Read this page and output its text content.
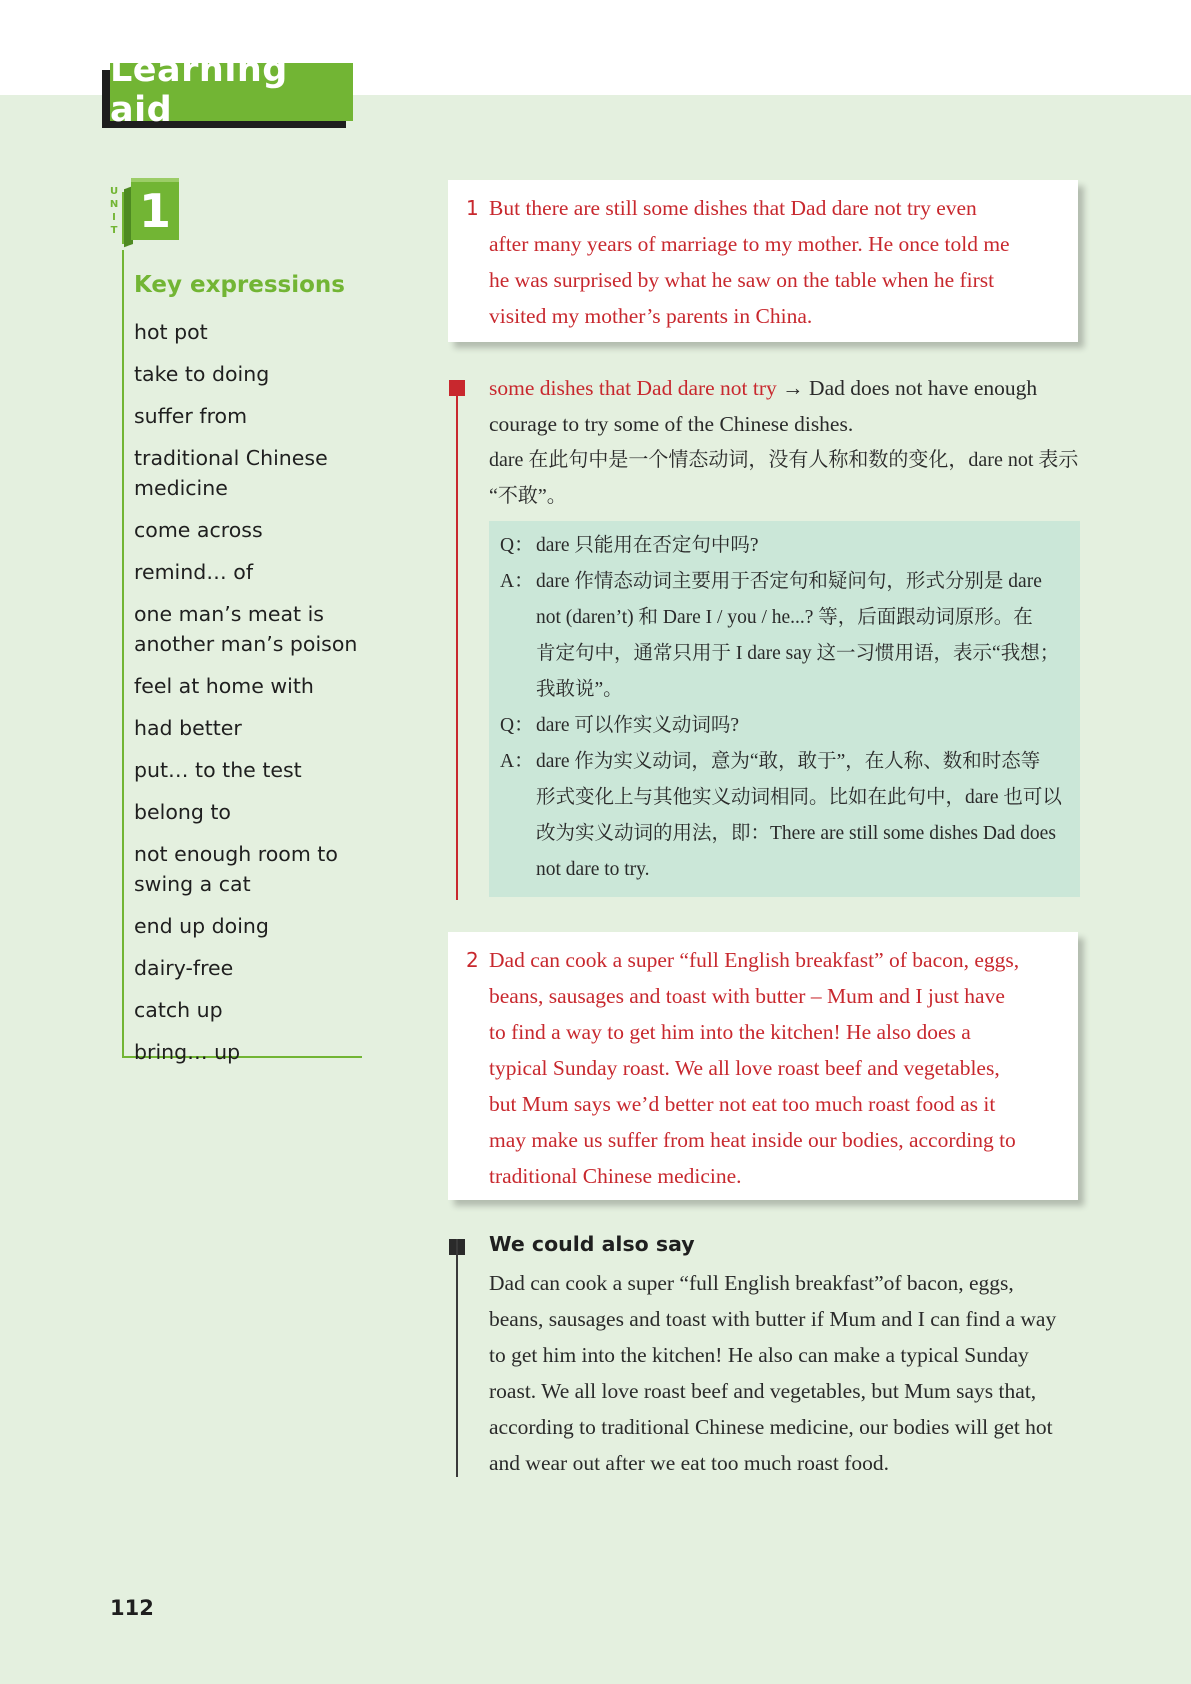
Learning aid
U
N
I
T 1
Key expressions
hot pot
take to doing
suffer from
traditional Chinese medicine
come across
remind… of
one man’s meat is another man’s poison
feel at home with
had better
put… to the test
belong to
not enough room to swing a cat
end up doing
dairy-free
catch up
bring… up
1 But there are still some dishes that Dad dare not try even
after many years of marriage to my mother. He once told me
he was surprised by what he saw on the table when he first
visited my mother’s parents in China.
some dishes that Dad dare not try → Dad does not have enough
courage to try some of the Chinese dishes.
dare 在此句中是一个情态动词，没有人称和数的变化，dare not 表示
“不敢”。
Q： dare 只能用在否定句中吗?
A： dare 作情态动词主要用于否定句和疑问句，形式分别是 dare
not (daren’t) 和 Dare I / you / he...? 等，后面跟动词原形。在
肯定句中，通常只用于 I dare say 这一习惯用语，表示“我想；
我敢说”。
Q： dare 可以作实义动词吗?
A： dare 作为实义动词，意为“敢，敢于”，在人称、数和时态等
形式变化上与其他实义动词相同。比如在此句中，dare 也可以
改为实义动词的用法，即：There are still some dishes Dad does
not dare to try.
2 Dad can cook a super “full English breakfast” of bacon, eggs,
beans, sausages and toast with butter – Mum and I just have
to find a way to get him into the kitchen! He also does a
typical Sunday roast. We all love roast beef and vegetables,
but Mum says we’d better not eat too much roast food as it
may make us suffer from heat inside our bodies, according to
traditional Chinese medicine.
We could also say
Dad can cook a super “full English breakfast”of bacon, eggs,
beans, sausages and toast with butter if Mum and I can find a way
to get him into the kitchen! He also can make a typical Sunday
roast. We all love roast beef and vegetables, but Mum says that,
according to traditional Chinese medicine, our bodies will get hot
and wear out after we eat too much roast food.
112
